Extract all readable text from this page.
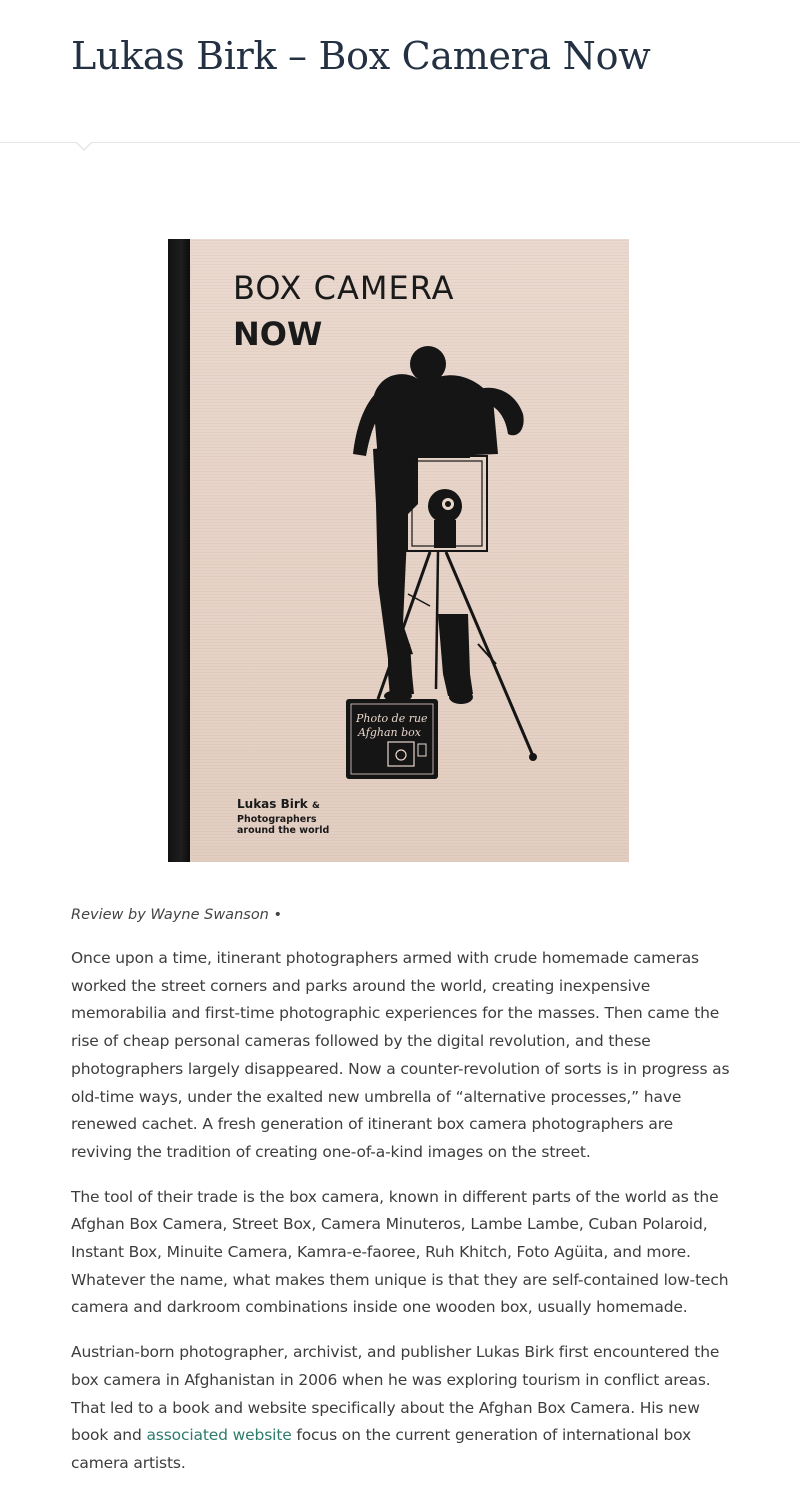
Lukas Birk – Box Camera Now
BOX CAMERA
NOW
Photo de rue
Afghan box
Lukas Birk &
Photographers
around the world

Review by Wayne Swanson •

Once upon a time, itinerant photographers armed with crude homemade cameras worked the street corners and parks around the world, creating inexpensive memorabilia and first-time photographic experiences for the masses. Then came the rise of cheap personal cameras followed by the digital revolution, and these photographers largely disappeared. Now a counter-revolution of sorts is in progress as old-time ways, under the exalted new umbrella of “alternative processes,” have renewed cachet. A fresh generation of itinerant box camera photographers are reviving the tradition of creating one-of-a-kind images on the street.

The tool of their trade is the box camera, known in different parts of the world as the Afghan Box Camera, Street Box, Camera Minuteros, Lambe Lambe, Cuban Polaroid, Instant Box, Minuite Camera, Kamra-e-faoree, Ruh Khitch, Foto Agüita, and more. Whatever the name, what makes them unique is that they are self-contained low-tech camera and darkroom combinations inside one wooden box, usually homemade.

Austrian-born photographer, archivist, and publisher Lukas Birk first encountered the box camera in Afghanistan in 2006 when he was exploring tourism in conflict areas. That led to a book and website specifically about the Afghan Box Camera. His new book and associated website focus on the current generation of international box camera artists.
